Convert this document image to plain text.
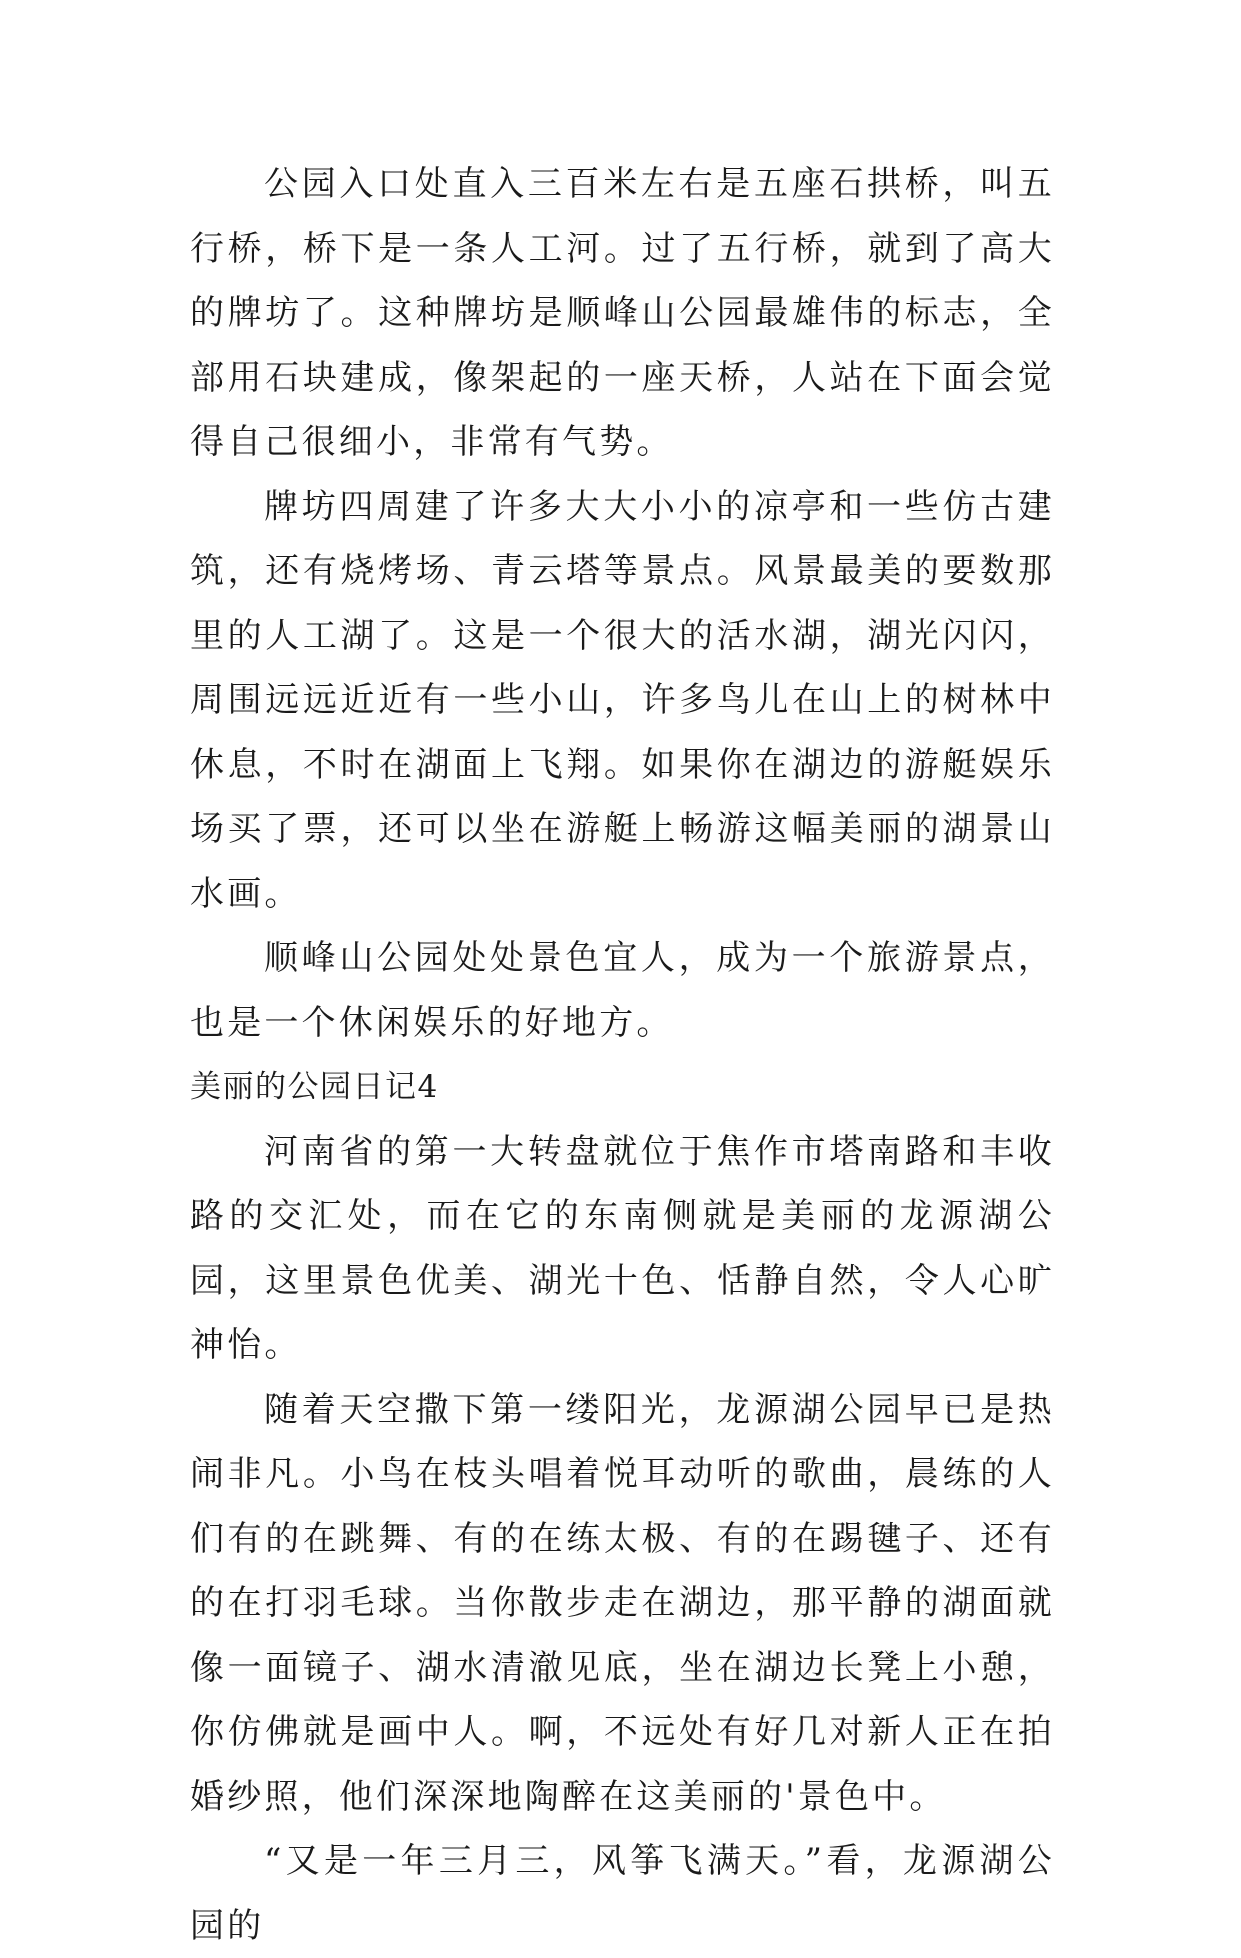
公园入口处直入三百米左右是五座石拱桥，叫五行桥，桥下是一条人工河。过了五行桥，就到了高大的牌坊了。这种牌坊是顺峰山公园最雄伟的标志，全部用石块建成，像架起的一座天桥，人站在下面会觉得自己很细小，非常有气势。

牌坊四周建了许多大大小小的凉亭和一些仿古建筑，还有烧烤场、青云塔等景点。风景最美的要数那里的人工湖了。这是一个很大的活水湖，湖光闪闪，周围远远近近有一些小山，许多鸟儿在山上的树林中休息，不时在湖面上飞翔。如果你在湖边的游艇娱乐场买了票，还可以坐在游艇上畅游这幅美丽的湖景山水画。

顺峰山公园处处景色宜人，成为一个旅游景点，也是一个休闲娱乐的好地方。

美丽的公园日记4

河南省的第一大转盘就位于焦作市塔南路和丰收路的交汇处，而在它的东南侧就是美丽的龙源湖公园，这里景色优美、湖光十色、恬静自然，令人心旷神怡。

随着天空撒下第一缕阳光，龙源湖公园早已是热闹非凡。小鸟在枝头唱着悦耳动听的歌曲，晨练的人们有的在跳舞、有的在练太极、有的在踢毽子、还有的在打羽毛球。当你散步走在湖边，那平静的湖面就像一面镜子、湖水清澈见底，坐在湖边长凳上小憩，你仿佛就是画中人。啊，不远处有好几对新人正在拍婚纱照，他们深深地陶醉在这美丽的'景色中。

“又是一年三月三，风筝飞满天。”看，龙源湖公园的
